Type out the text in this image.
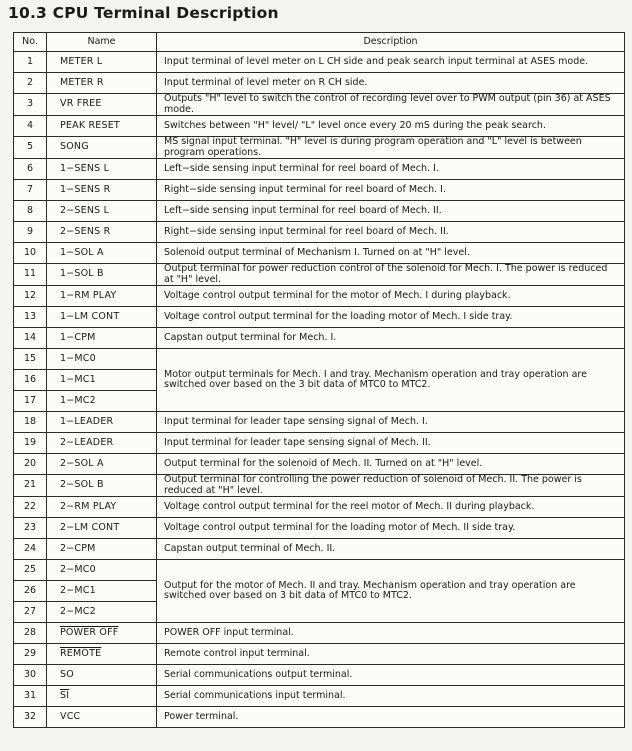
10.3 CPU Terminal Description
No.	Name	Description
1	METER L	Input terminal of level meter on L CH side and peak search input terminal at ASES mode.
2	METER R	Input terminal of level meter on R CH side.
3	VR FREE	Outputs "H" level to switch the control of recording level over to PWM output (pin 36) at ASES mode.
4	PEAK RESET	Switches between "H" level/ "L" level once every 20 mS during the peak search.
5	SONG	MS signal input terminal. "H" level is during program operation and "L" level is between program operations.
6	1−SENS L	Left−side sensing input terminal for reel board of Mech. I.
7	1−SENS R	Right−side sensing input terminal for reel board of Mech. I.
8	2−SENS L	Left−side sensing input terminal for reel board of Mech. II.
9	2−SENS R	Right−side sensing input terminal for reel board of Mech. II.
10	1−SOL A	Solenoid output terminal of Mechanism I. Turned on at "H" level.
11	1−SOL B	Output terminal for power reduction control of the solenoid for Mech. I. The power is reduced at "H" level.
12	1−RM PLAY	Voltage control output terminal for the motor of Mech. I during playback.
13	1−LM CONT	Voltage control output terminal for the loading motor of Mech. I side tray.
14	1−CPM	Capstan output terminal for Mech. I.
15	1−MC0	Motor output terminals for Mech. I and tray. Mechanism operation and tray operation are switched over based on the 3 bit data of MTC0 to MTC2.
16	1−MC1	
17	1−MC2	
18	1−LEADER	Input terminal for leader tape sensing signal of Mech. I.
19	2−LEADER	Input terminal for leader tape sensing signal of Mech. II.
20	2−SOL A	Output terminal for the solenoid of Mech. II. Turned on at "H" level.
21	2−SOL B	Output terminal for controlling the power reduction of solenoid of Mech. II. The power is reduced at "H" level.
22	2−RM PLAY	Voltage control output terminal for the reel motor of Mech. II during playback.
23	2−LM CONT	Voltage control output terminal for the loading motor of Mech. II side tray.
24	2−CPM	Capstan output terminal of Mech. II.
25	2−MC0	Output for the motor of Mech. II and tray. Mechanism operation and tray operation are switched over based on 3 bit data of MTC0 to MTC2.
26	2−MC1	
27	2−MC2	
28	POWER OFF	POWER OFF input terminal.
29	REMOTE	Remote control input terminal.
30	SO	Serial communications output terminal.
31	$\overline{SI}$	Serial communications input terminal.
32	VCC	Power terminal.
